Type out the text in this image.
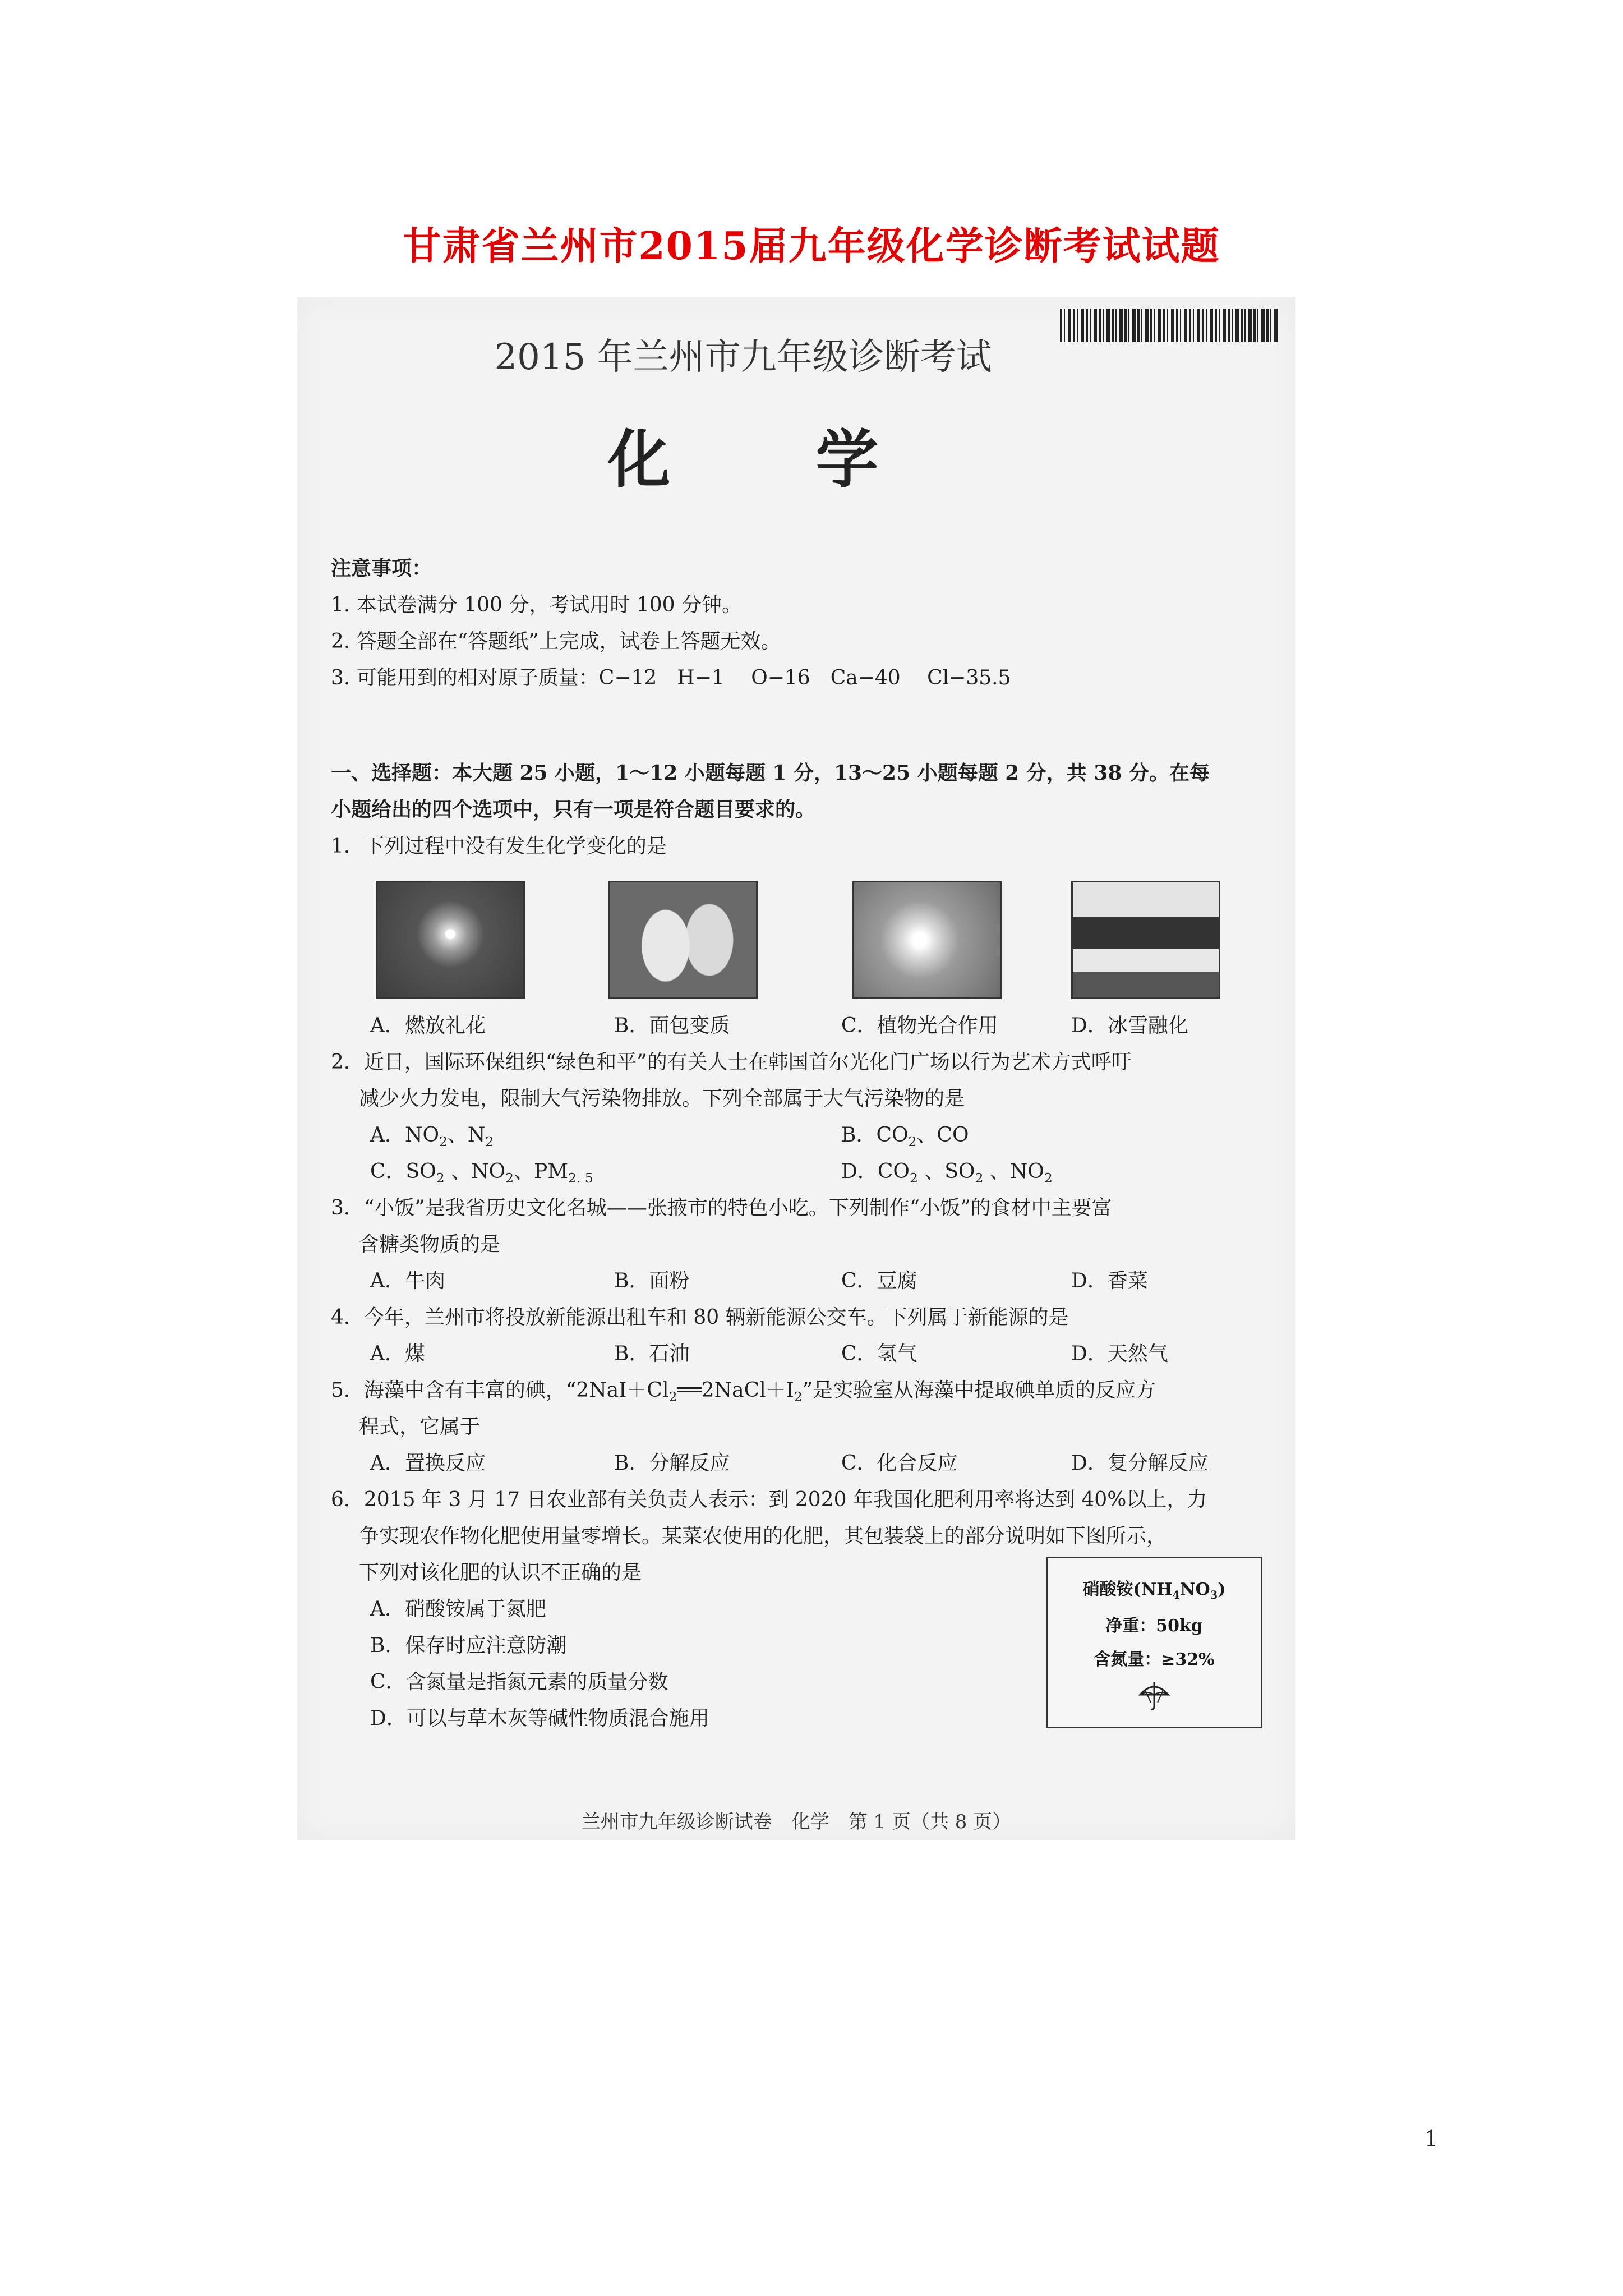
甘肃省兰州市2015届九年级化学诊断考试试题
2015 年兰州市九年级诊断考试
化 学
注意事项：
1. 本试卷满分 100 分，考试用时 100 分钟。
2. 答题全部在“答题纸”上完成，试卷上答题无效。
3. 可能用到的相对原子质量：C−12　H−1　 O−16　Ca−40　 Cl−35.5
一、选择题：本大题 25 小题，1～12 小题每题 1 分，13～25 小题每题 2 分，共 38 分。在每
小题给出的四个选项中，只有一项是符合题目要求的。
1．下列过程中没有发生化学变化的是
A．燃放礼花	B．面包变质	C．植物光合作用	D．冰雪融化
2．近日，国际环保组织“绿色和平”的有关人士在韩国首尔光化门广场以行为艺术方式呼吁
减少火力发电，限制大气污染物排放。下列全部属于大气污染物的是
A．$NO_2$、$N_2$	B．$CO_2$、CO
C．$SO_2$ 、$NO_2$、$PM_{2. 5}$	D．$CO_2$ 、$SO_2$ 、$NO_2$
3．“小饭”是我省历史文化名城——张掖市的特色小吃。下列制作“小饭”的食材中主要富
含糖类物质的是
A．牛肉	B．面粉	C．豆腐	D．香菜
4．今年，兰州市将投放新能源出租车和 80 辆新能源公交车。下列属于新能源的是
A．煤	B．石油	C．氢气	D．天然气
5．海藻中含有丰富的碘，“$2NaI+Cl_2══2NaCl+I_2$”是实验室从海藻中提取碘单质的反应方
程式，它属于
A．置换反应	B．分解反应	C．化合反应	D．复分解反应
6．2015 年 3 月 17 日农业部有关负责人表示：到 2020 年我国化肥利用率将达到 40%以上，力
争实现农作物化肥使用量零增长。某菜农使用的化肥，其包装袋上的部分说明如下图所示，
下列对该化肥的认识不正确的是
A．硝酸铵属于氮肥
B．保存时应注意防潮
C．含氮量是指氮元素的质量分数
D．可以与草木灰等碱性物质混合施用
硝酸铵$(NH_4NO_3)$
净重：50kg
含氮量：≥32%
兰州市九年级诊断试卷　化学　第 1 页（共 8 页）
1
